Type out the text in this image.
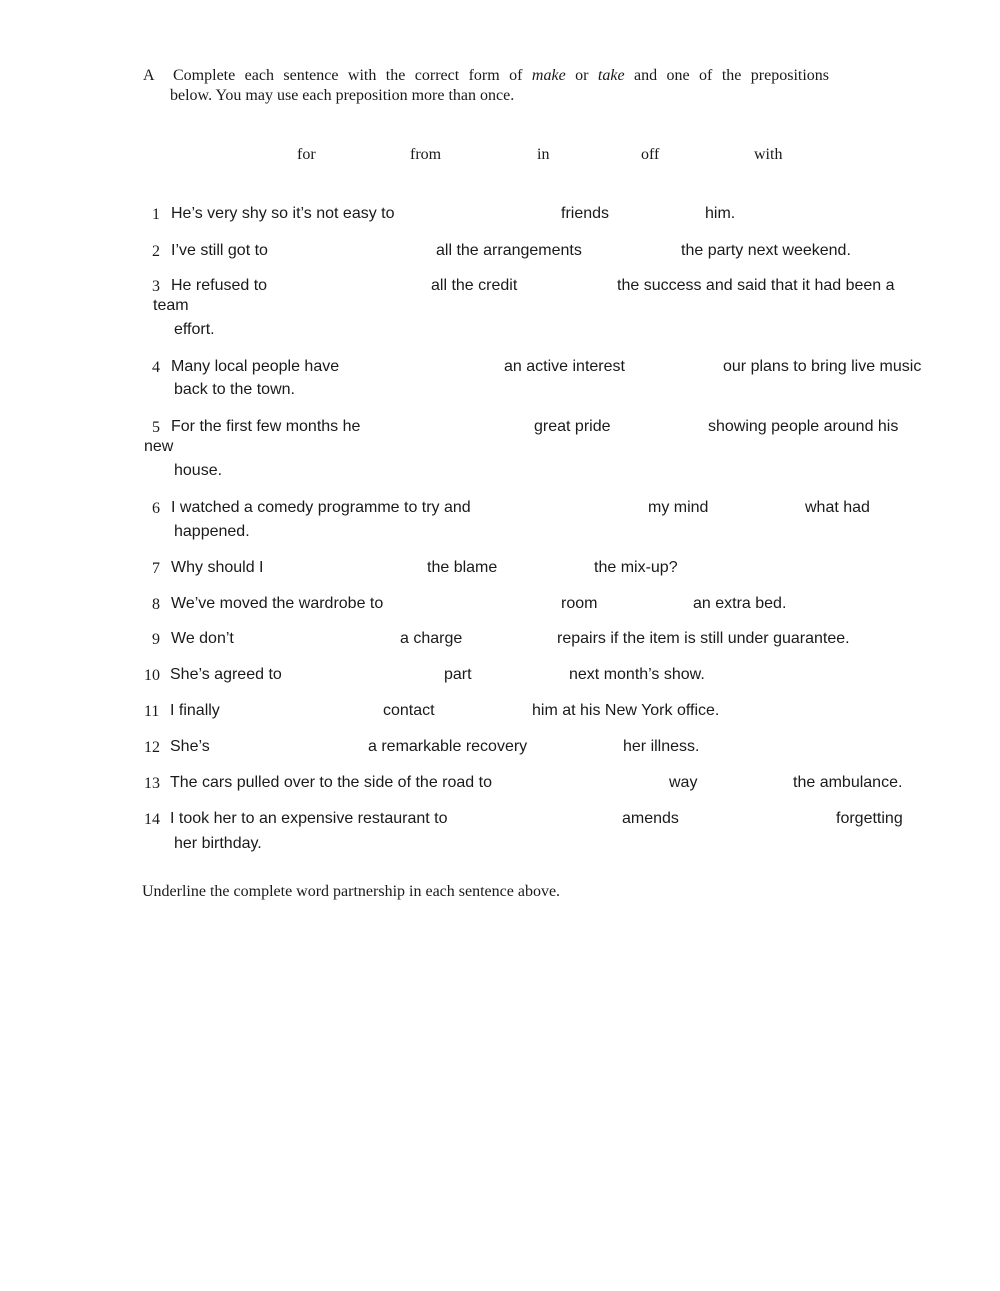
A Complete each sentence with the correct form of make or take and one of the prepositions
below. You may use each preposition more than once.
for	from	in	off	with
1 He’s very shy so it’s not easy to	friends	him.
2 I’ve still got to	all the arrangements	the party next weekend.
3 He refused to	all the credit	the success and said that it had been a
team
effort.
4 Many local people have	an active interest	our plans to bring live music
back to the town.
5 For the first few months he	great pride	showing people around his
new
house.
6 I watched a comedy programme to try and	my mind	what had
happened.
7 Why should I	the blame	the mix-up?
8 We’ve moved the wardrobe to	room	an extra bed.
9 We don’t	a charge	repairs if the item is still under guarantee.
10 She’s agreed to	part	next month’s show.
11 I finally	contact	him at his New York office.
12 She’s	a remarkable recovery	her illness.
13 The cars pulled over to the side of the road to	way	the ambulance.
14 I took her to an expensive restaurant to	amends	forgetting
her birthday.
Underline the complete word partnership in each sentence above.
